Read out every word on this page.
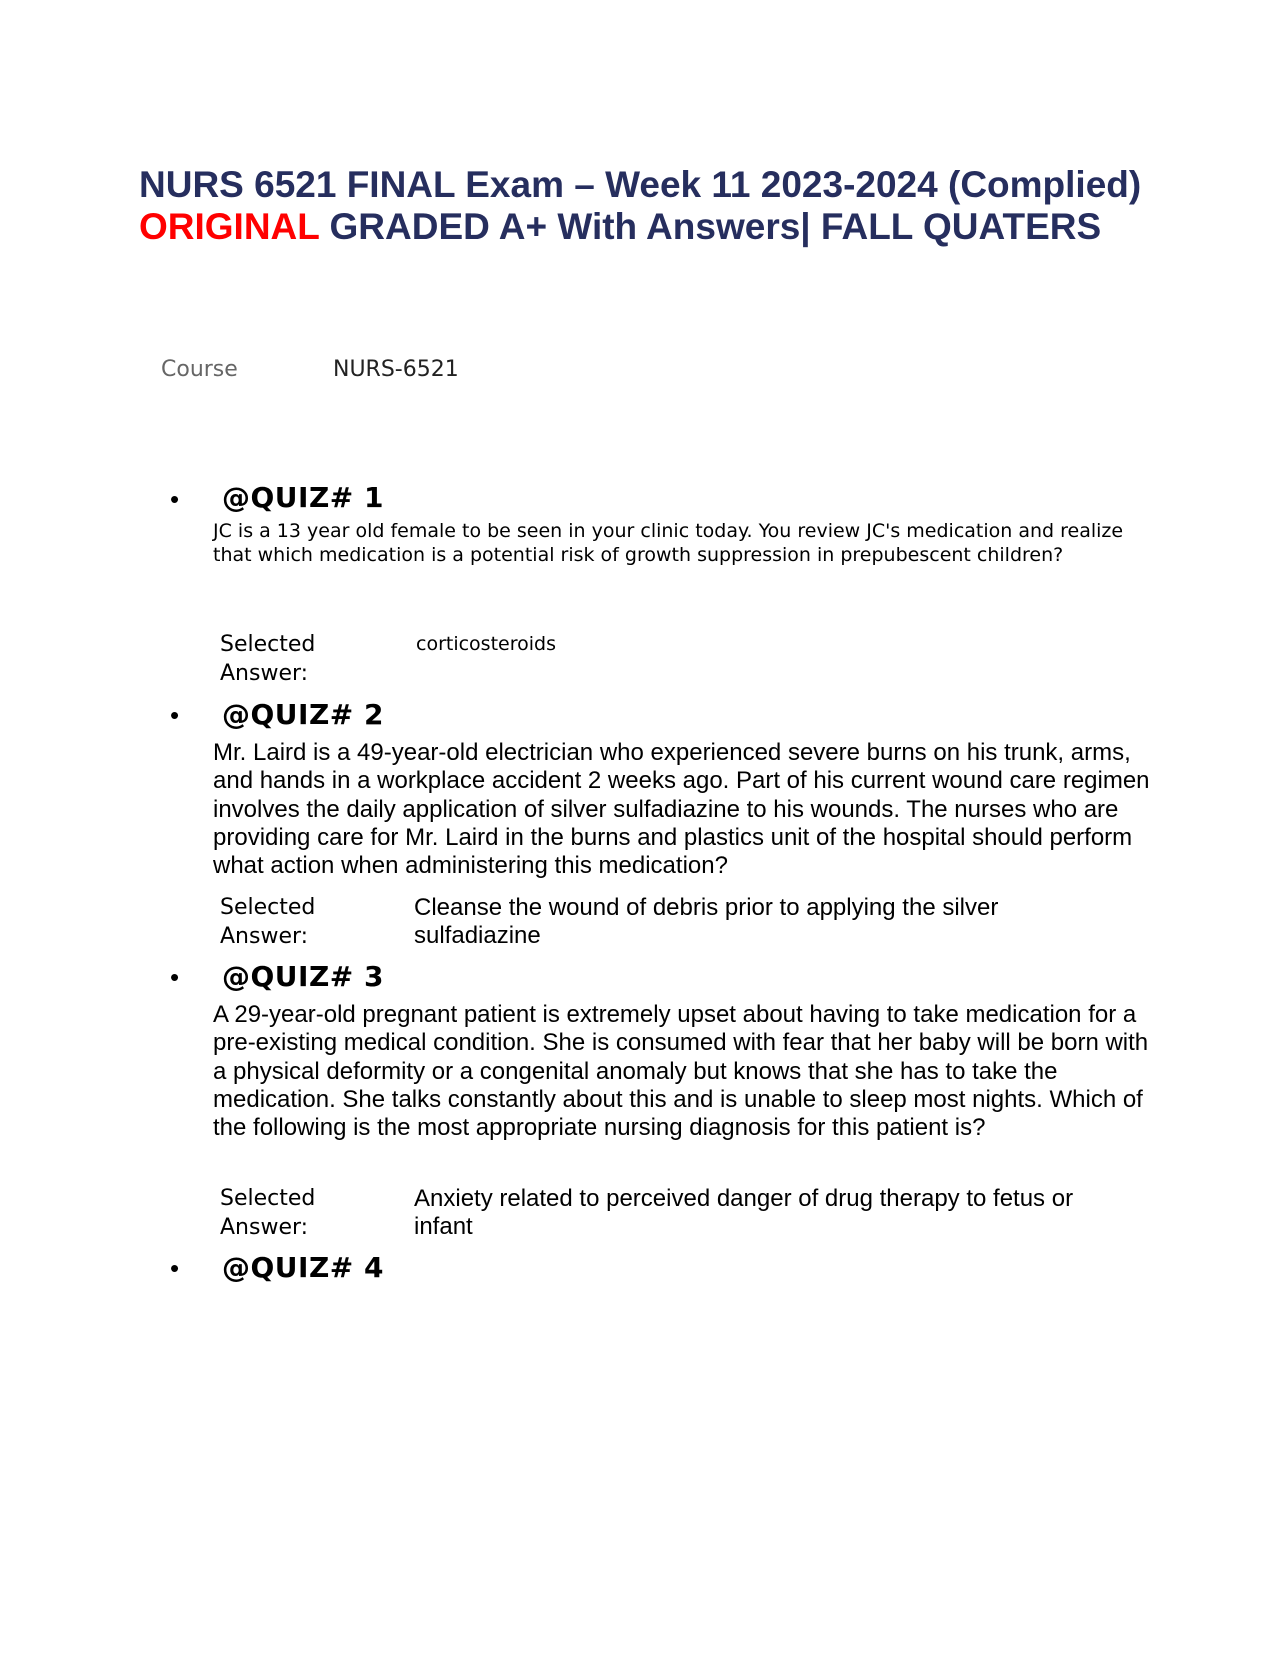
NURS 6521 FINAL Exam – Week 11 2023-2024 (Complied)
ORIGINAL GRADED A+ With Answers| FALL QUATERS
Course	NURS-6521
• @QUIZ# 1
JC is a 13 year old female to be seen in your clinic today. You review JC's medication and realize that which medication is a potential risk of growth suppression in prepubescent children?
Selected Answer:
corticosteroids
• @QUIZ# 2
Mr. Laird is a 49-year-old electrician who experienced severe burns on his trunk, arms, and hands in a workplace accident 2 weeks ago. Part of his current wound care regimen involves the daily application of silver sulfadiazine to his wounds. The nurses who are providing care for Mr. Laird in the burns and plastics unit of the hospital should perform what action when administering this medication?
Selected Answer:
Cleanse the wound of debris prior to applying the silver sulfadiazine
• @QUIZ# 3
A 29-year-old pregnant patient is extremely upset about having to take medication for a pre-existing medical condition. She is consumed with fear that her baby will be born with a physical deformity or a congenital anomaly but knows that she has to take the medication. She talks constantly about this and is unable to sleep most nights. Which of the following is the most appropriate nursing diagnosis for this patient is?
Selected Answer:
Anxiety related to perceived danger of drug therapy to fetus or infant
• @QUIZ# 4
